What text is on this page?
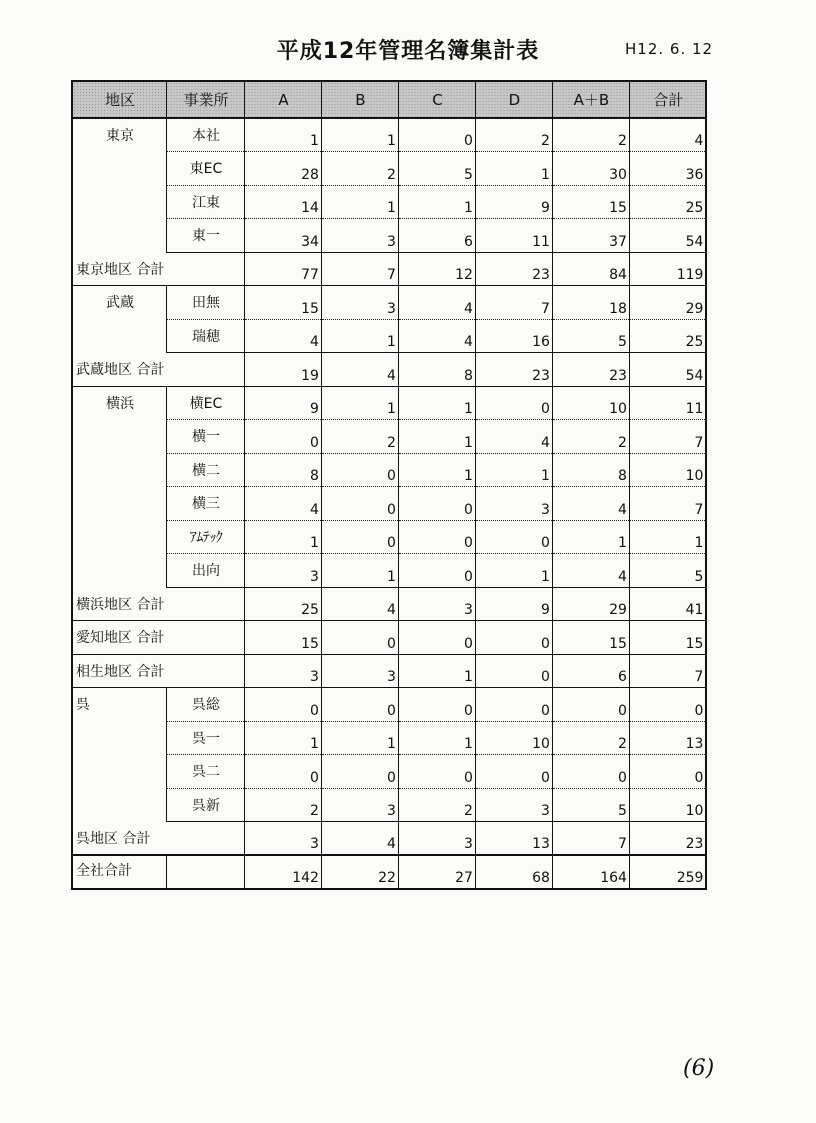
平成12年管理名簿集計表	H12. 6. 12
地区	事業所	A	B	C	D	A＋B	合計
東京	本社	1	1	0	2	2	4
	東EC	28	2	5	1	30	36
	江東	14	1	1	9	15	25
	東一	34	3	6	11	37	54
東京地区 合計		77	7	12	23	84	119
武蔵	田無	15	3	4	7	18	29
	瑞穂	4	1	4	16	5	25
武蔵地区 合計		19	4	8	23	23	54
横浜	横EC	9	1	1	0	10	11
	横一	0	2	1	4	2	7
	横二	8	0	1	1	8	10
	横三	4	0	0	3	4	7
	ｱﾑﾃｯｸ	1	0	0	0	1	1
	出向	3	1	0	1	4	5
横浜地区 合計		25	4	3	9	29	41
愛知地区 合計		15	0	0	0	15	15
相生地区 合計		3	3	1	0	6	7
呉	呉総	0	0	0	0	0	0
	呉一	1	1	1	10	2	13
	呉二	0	0	0	0	0	0
	呉新	2	3	2	3	5	10
呉地区 合計		3	4	3	13	7	23
全社合計		142	22	27	68	164	259
(6)
